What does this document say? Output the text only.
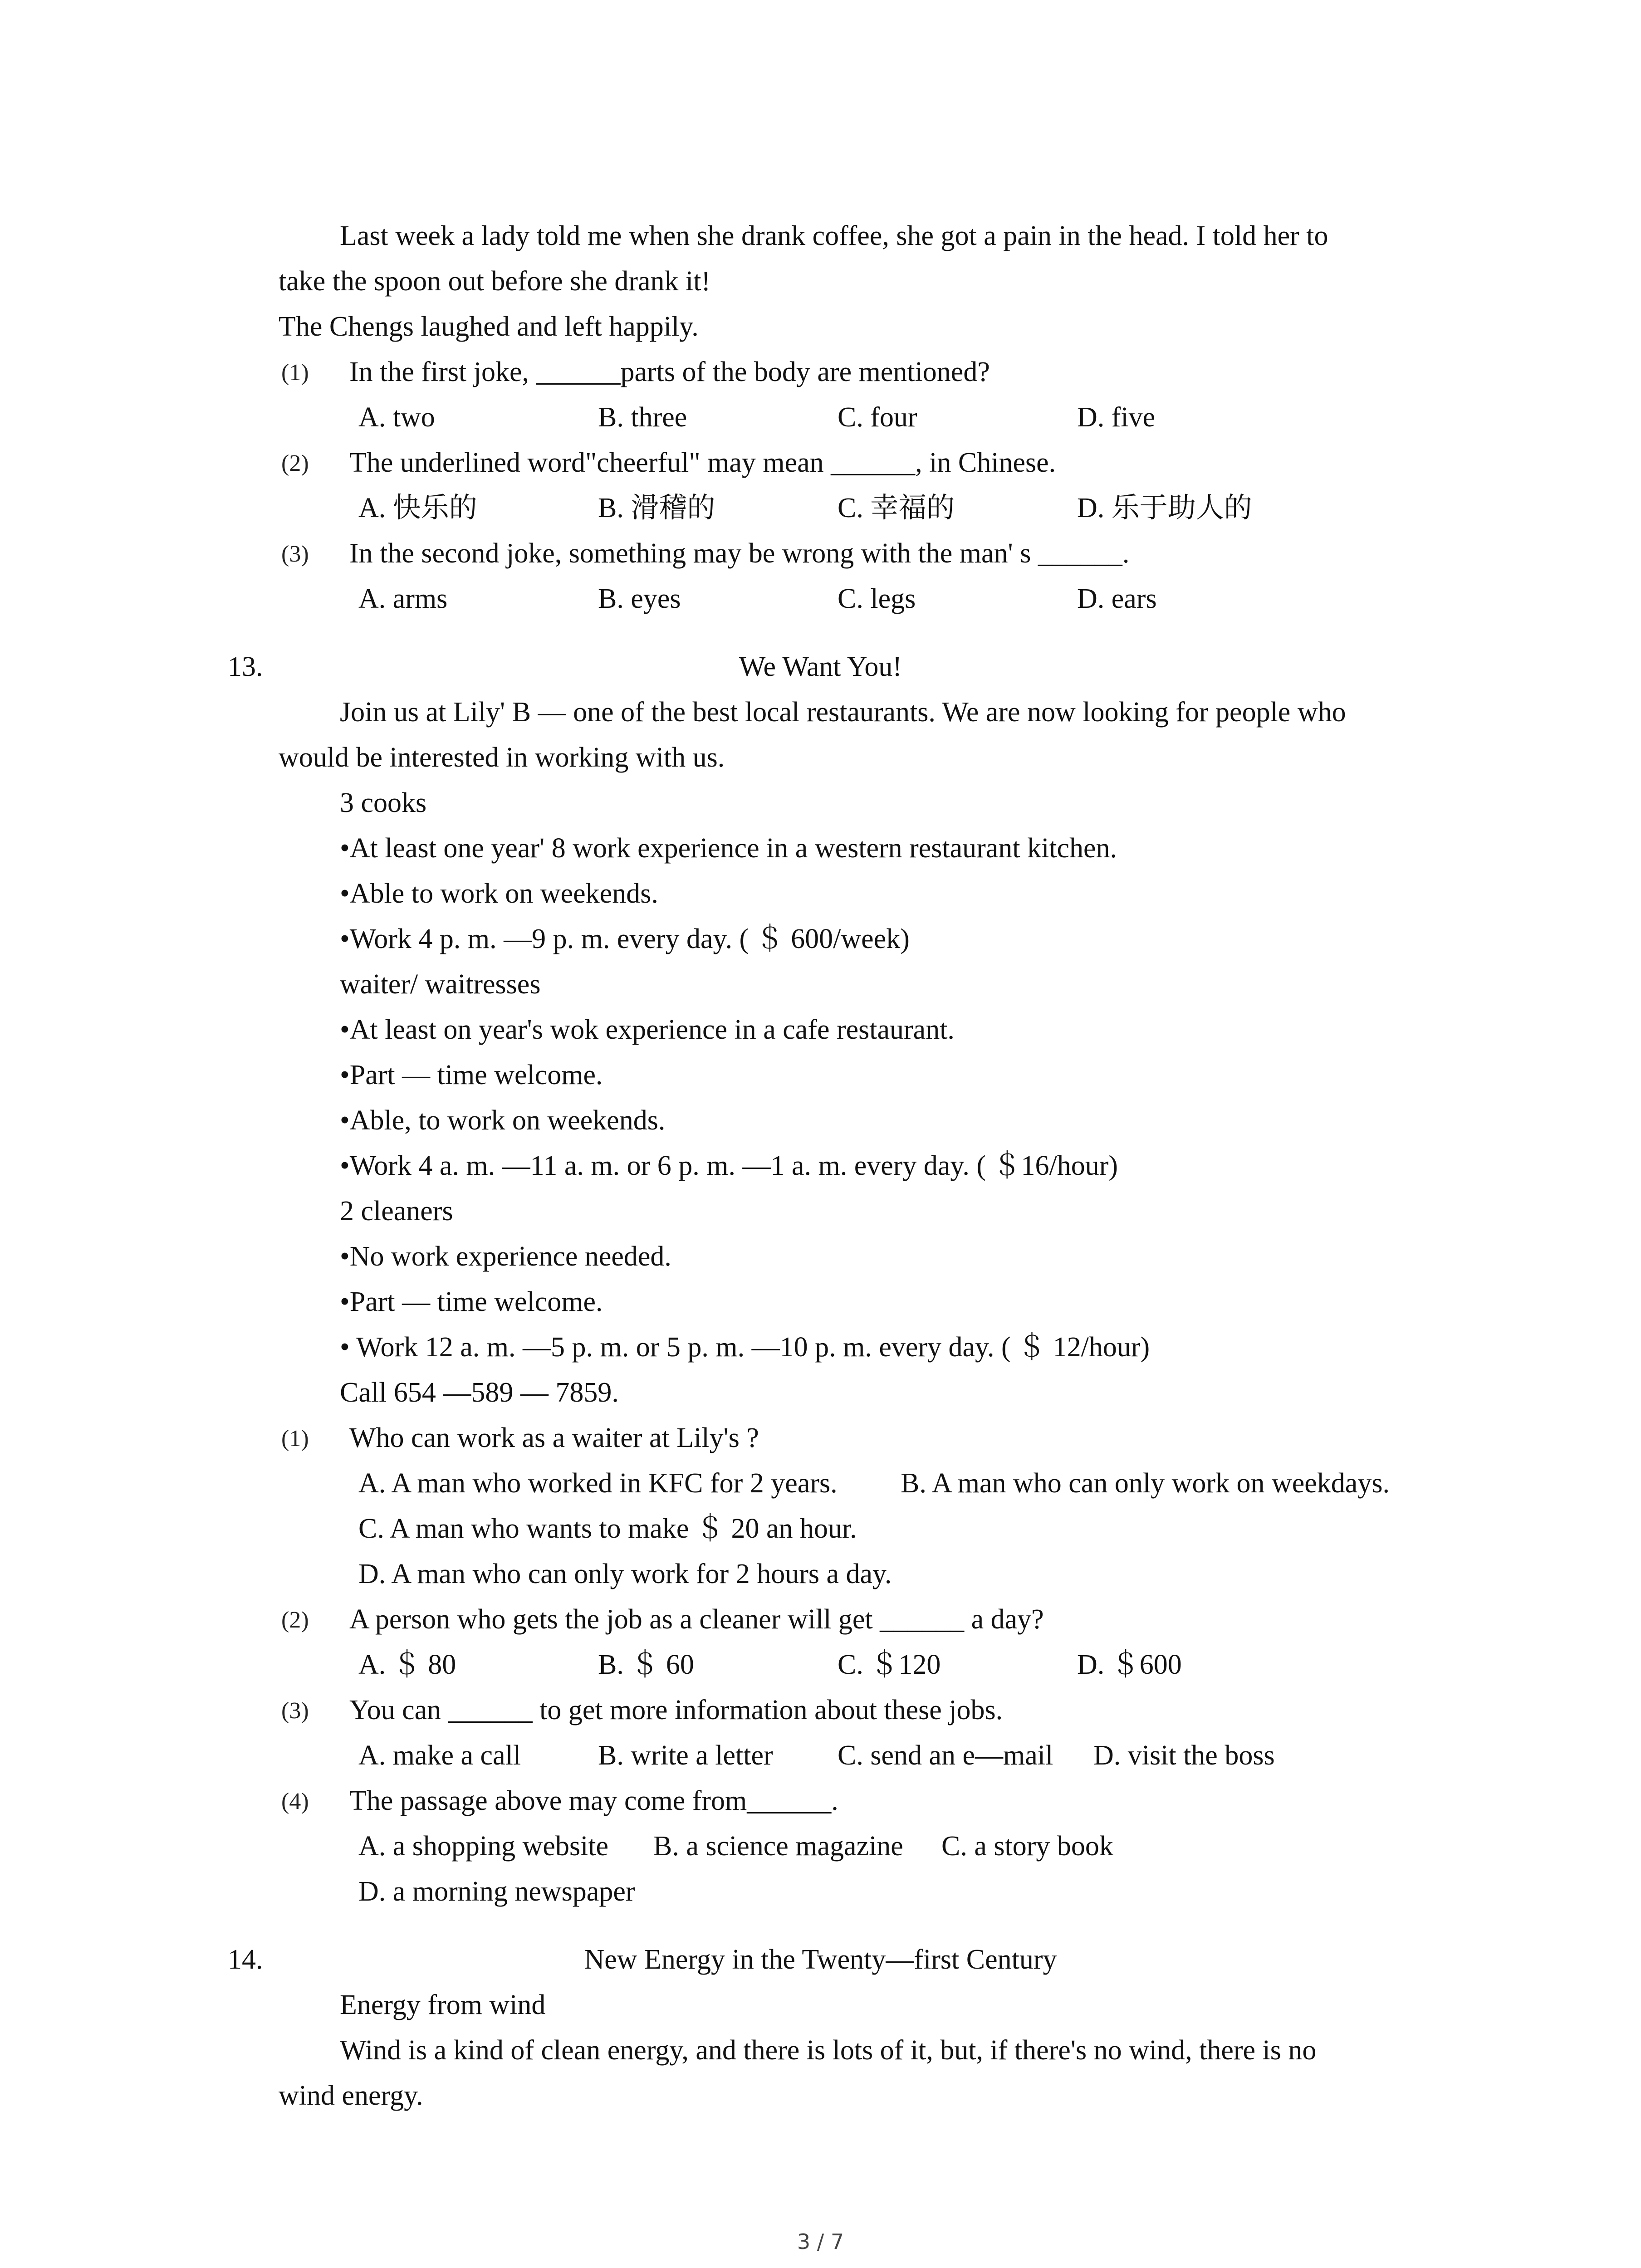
Last week a lady told me when she drank coffee, she got a pain in the head. I told her to
take the spoon out before she drank it!
The Chengs laughed and left happily.
(1) In the first joke, ______parts of the body are mentioned?
A. two	B. three	C. four	D. five
(2) The underlined word"cheerful" may mean ______, in Chinese.
A. 快乐的	B. 滑稽的	C. 幸福的	D. 乐于助人的
(3) In the second joke, something may be wrong with the man' s ______.
A. arms	B. eyes	C. legs	D. ears
13.	We Want You!
Join us at Lily' B — one of the best local restaurants. We are now looking for people who
would be interested in working with us.
3 cooks
•At least one year' 8 work experience in a western restaurant kitchen.
•Able to work on weekends.
•Work 4 p. m. —9 p. m. every day. ( ＄ 600/week)
waiter/ waitresses
•At least on year's wok experience in a cafe restaurant.
•Part — time welcome.
•Able, to work on weekends.
•Work 4 a. m. —11 a. m. or 6 p. m. —1 a. m. every day. ( ＄16/hour)
2 cleaners
•No work experience needed.
•Part — time welcome.
• Work 12 a. m. —5 p. m. or 5 p. m. —10 p. m. every day. ( ＄ 12/hour)
Call 654 —589 — 7859.
(1) Who can work as a waiter at Lily's ?
A. A man who worked in KFC for 2 years. B. A man who can only work on weekdays.
C. A man who wants to make ＄ 20 an hour.
D. A man who can only work for 2 hours a day.
(2) A person who gets the job as a cleaner will get ______ a day?
A. ＄ 80	B. ＄ 60	C. ＄120	D. ＄600
(3) You can ______ to get more information about these jobs.
A. make a call	B. write a letter C. send an e—mail D. visit the boss
(4) The passage above may come from______.
A. a shopping website B. a science magazine C. a story book
D. a morning newspaper
14.	New Energy in the Twenty—first Century
Energy from wind
Wind is a kind of clean energy, and there is lots of it, but, if there's no wind, there is no
wind energy.
3 / 7
